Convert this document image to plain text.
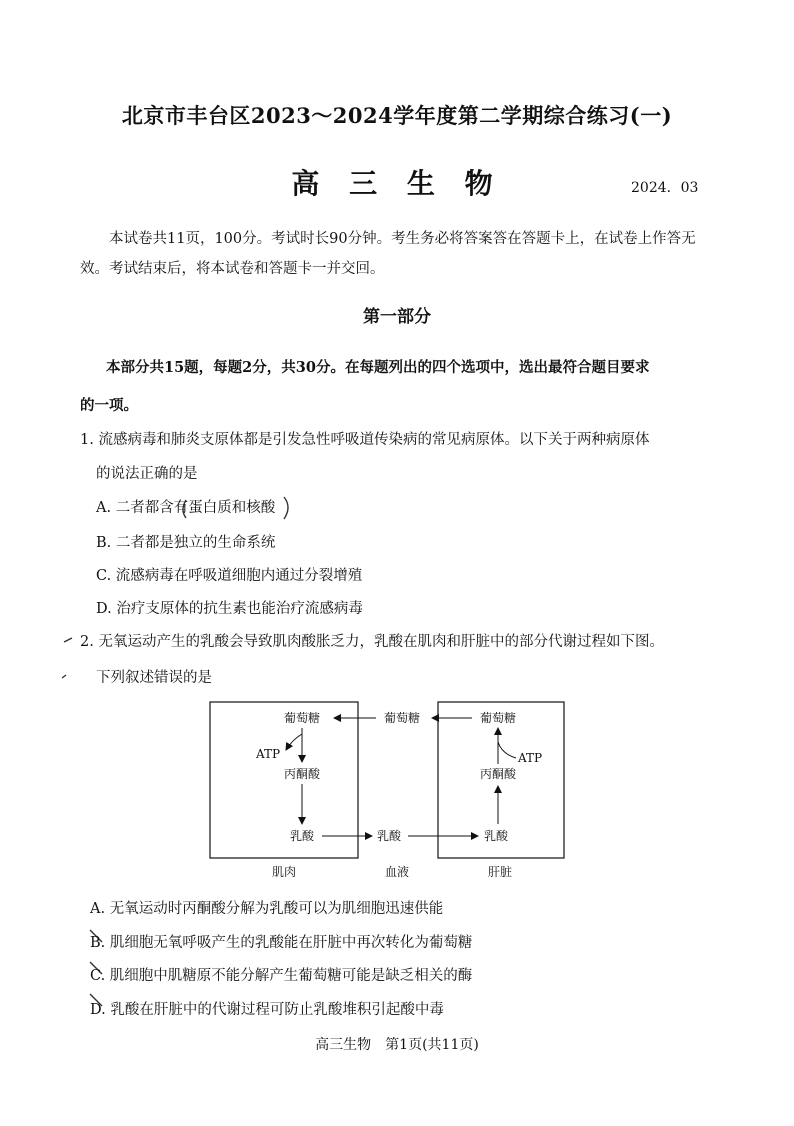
北京市丰台区2023～2024学年度第二学期综合练习(一)
高 三 生 物	2024．03
本试卷共11页，100分。考试时长90分钟。考生务必将答案答在答题卡上，在试卷上作答无效。考试结束后，将本试卷和答题卡一并交回。
第一部分
本部分共15题，每题2分，共30分。在每题列出的四个选项中，选出最符合题目要求
的一项。
1. 流感病毒和肺炎支原体都是引发急性呼吸道传染病的常见病原体。以下关于两种病原体
的说法正确的是
A. 二者都含有蛋白质和核酸
B. 二者都是独立的生命系统
C. 流感病毒在呼吸道细胞内通过分裂增殖
D. 治疗支原体的抗生素也能治疗流感病毒
2. 无氧运动产生的乳酸会导致肌肉酸胀乏力，乳酸在肌肉和肝脏中的部分代谢过程如下图。
下列叙述错误的是
葡萄糖
ATP
丙酮酸
乳酸
肌肉
葡萄糖
乳酸
血液
葡萄糖
ATP
丙酮酸
乳酸
肝脏
A. 无氧运动时丙酮酸分解为乳酸可以为肌细胞迅速供能
B. 肌细胞无氧呼吸产生的乳酸能在肝脏中再次转化为葡萄糖
C. 肌细胞中肌糖原不能分解产生葡萄糖可能是缺乏相关的酶
D. 乳酸在肝脏中的代谢过程可防止乳酸堆积引起酸中毒
高三生物　第1页(共11页)
